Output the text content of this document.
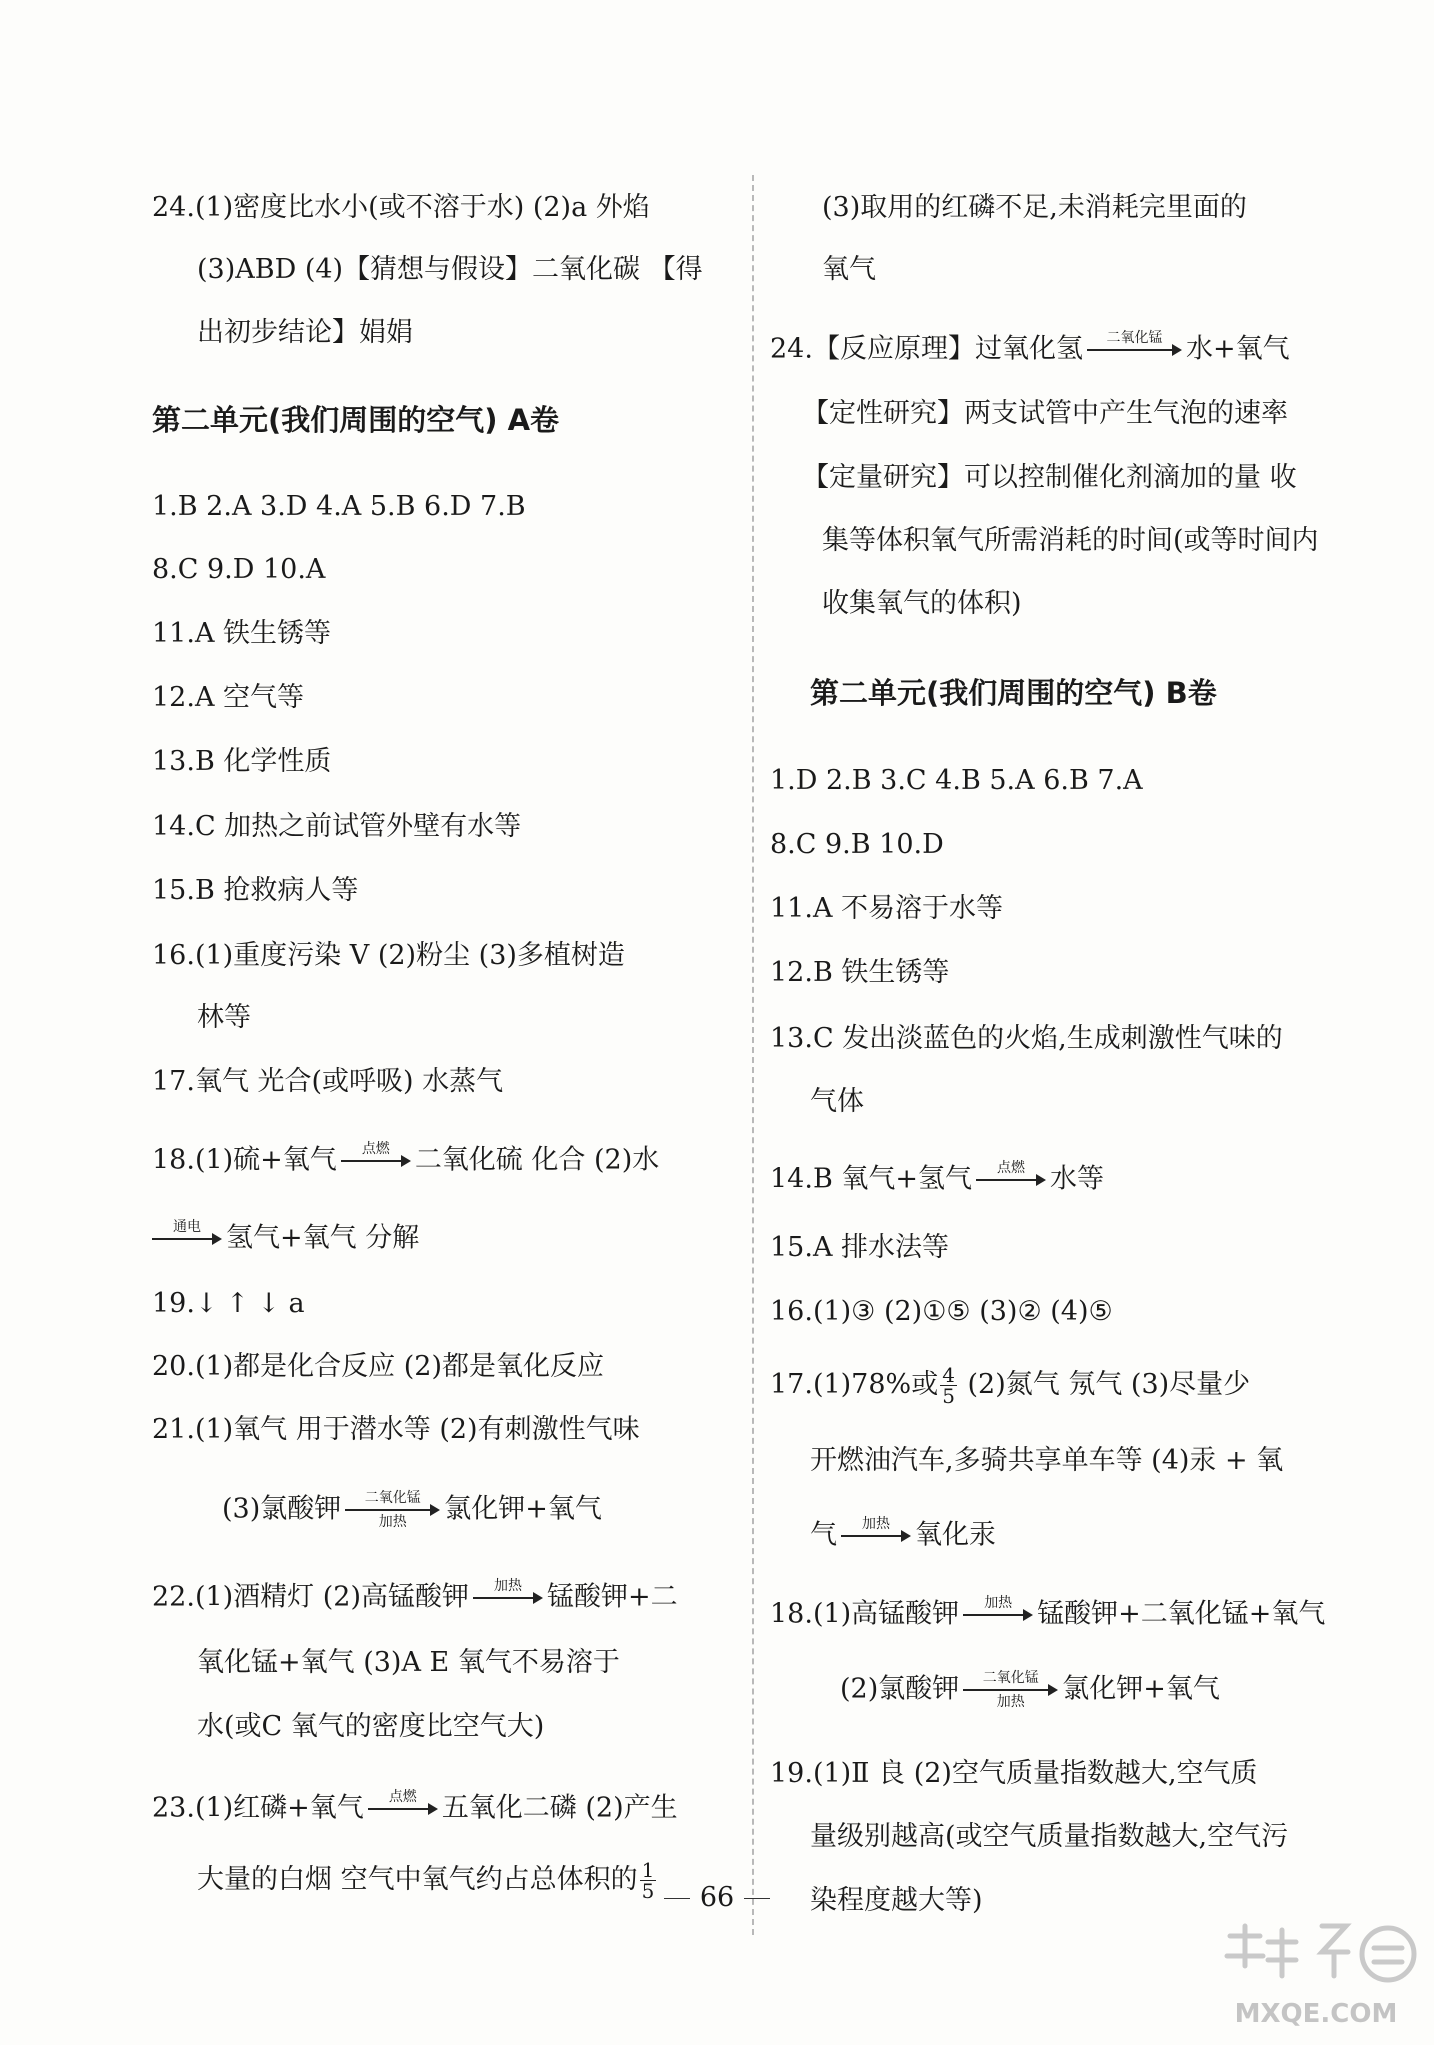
24.(1)密度比水小(或不溶于水) (2)a 外焰
(3)ABD (4)【猜想与假设】二氧化碳 【得
出初步结论】娟娟
第二单元(我们周围的空气) A卷
1.B 2.A 3.D 4.A 5.B 6.D 7.B
8.C 9.D 10.A
11.A 铁生锈等
12.A 空气等
13.B 化学性质
14.C 加热之前试管外壁有水等
15.B 抢救病人等
16.(1)重度污染 V (2)粉尘 (3)多植树造
林等
17.氧气 光合(或呼吸) 水蒸气
18.(1)硫+氧气	点燃 二氧化硫 化合 (2)水
通电 氢气+氧气 分解
19.↓ ↑ ↓ a
20.(1)都是化合反应 (2)都是氧化反应
21.(1)氧气 用于潜水等 (2)有刺激性气味
(3)氯酸钾	二氧化锰
加热	氯化钾+氧气
22.(1)酒精灯 (2)高锰酸钾	加热 锰酸钾+二
氧化锰+氧气 (3)A E 氧气不易溶于
水(或C 氧气的密度比空气大)
23.(1)红磷+氧气	点燃 五氧化二磷 (2)产生
大量的白烟 空气中氧气约占总体积的 $\frac{1}{5}$
(3)取用的红磷不足,未消耗完里面的
氧气
24.【反应原理】过氧化氢	二氧化锰 水+氧气
【定性研究】两支试管中产生气泡的速率
【定量研究】可以控制催化剂滴加的量 收
集等体积氧气所需消耗的时间(或等时间内
收集氧气的体积)
第二单元(我们周围的空气) B卷
1.D 2.B 3.C 4.B 5.A 6.B 7.A
8.C 9.B 10.D
11.A 不易溶于水等
12.B 铁生锈等
13.C 发出淡蓝色的火焰,生成刺激性气味的
气体
14.B 氧气+氢气	点燃 水等
15.A 排水法等
16.(1)③ (2)①⑤ (3)② (4)⑤
17.(1)78%或 $\frac{4}{5} (2)$氮气 氖气 (3)尽量少
开燃油汽车,多骑共享单车等 (4)汞 + 氧
气	加热 氧化汞
18.(1)高锰酸钾	加热 锰酸钾+二氧化锰+氧气
(2)氯酸钾	二氧化锰
加热	氯化钾+氧气
19.(1)Ⅱ 良 (2)空气质量指数越大,空气质
量级别越高(或空气质量指数越大,空气污
染程度越大等)
66
MXQE.COM
